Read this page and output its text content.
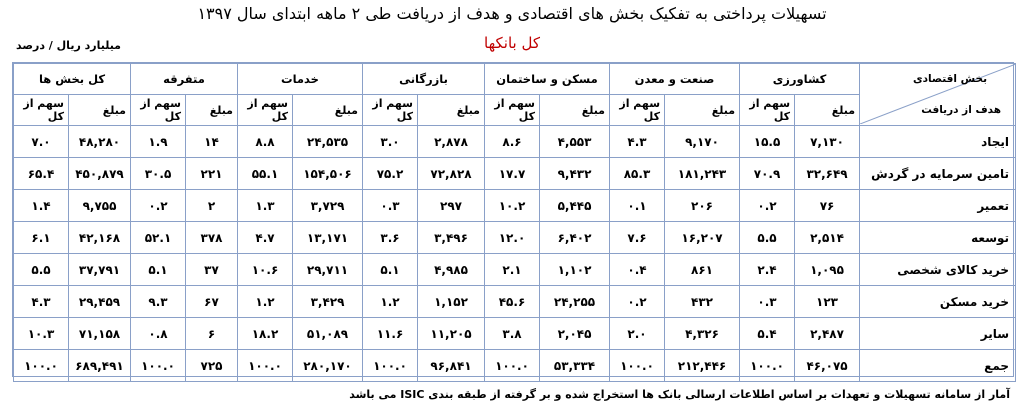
تسهیلات پرداختی به تفکیک بخش های اقتصادی و هدف از دریافت طی ۲ ماهه ابتدای سال ۱۳۹۷
کل بانکها
میلیارد ریال / درصد
بخش اقتصادی
هدف از دریافت	کشاورزی		صنعت و معدن		مسکن و ساختمان		بازرگانی		خدمات		متفرقه		کل بخش ها	
	مبلغ	سهم از کل	مبلغ	سهم از کل	مبلغ	سهم از کل	مبلغ	سهم از کل	مبلغ	سهم از کل	مبلغ	سهم از کل	مبلغ	سهم از کل
ایجاد	۷,۱۳۰	۱۵.۵	۹,۱۷۰	۴.۳	۴,۵۵۳	۸.۶	۲,۸۷۸	۳.۰	۲۴,۵۳۵	۸.۸	۱۴	۱.۹	۴۸,۲۸۰	۷.۰
تامین سرمایه در گردش	۳۲,۶۴۹	۷۰.۹	۱۸۱,۲۴۳	۸۵.۳	۹,۴۳۲	۱۷.۷	۷۲,۸۲۸	۷۵.۲	۱۵۴,۵۰۶	۵۵.۱	۲۲۱	۳۰.۵	۴۵۰,۸۷۹	۶۵.۴
تعمیر	۷۶	۰.۲	۲۰۶	۰.۱	۵,۴۴۵	۱۰.۲	۲۹۷	۰.۳	۳,۷۲۹	۱.۳	۲	۰.۲	۹,۷۵۵	۱.۴
توسعه	۲,۵۱۴	۵.۵	۱۶,۲۰۷	۷.۶	۶,۴۰۲	۱۲.۰	۳,۴۹۶	۳.۶	۱۳,۱۷۱	۴.۷	۳۷۸	۵۲.۱	۴۲,۱۶۸	۶.۱
خرید کالای شخصی	۱,۰۹۵	۲.۴	۸۶۱	۰.۴	۱,۱۰۲	۲.۱	۴,۹۸۵	۵.۱	۲۹,۷۱۱	۱۰.۶	۳۷	۵.۱	۳۷,۷۹۱	۵.۵
خرید مسکن	۱۲۳	۰.۳	۴۳۲	۰.۲	۲۴,۲۵۵	۴۵.۶	۱,۱۵۲	۱.۲	۳,۴۲۹	۱.۲	۶۷	۹.۳	۲۹,۴۵۹	۴.۳
سایر	۲,۴۸۷	۵.۴	۴,۳۲۶	۲.۰	۲,۰۴۵	۳.۸	۱۱,۲۰۵	۱۱.۶	۵۱,۰۸۹	۱۸.۲	۶	۰.۸	۷۱,۱۵۸	۱۰.۳
جمع	۴۶,۰۷۵	۱۰۰.۰	۲۱۲,۴۴۶	۱۰۰.۰	۵۳,۳۳۴	۱۰۰.۰	۹۶,۸۴۱	۱۰۰.۰	۲۸۰,۱۷۰	۱۰۰.۰	۷۲۵	۱۰۰.۰	۶۸۹,۴۹۱	۱۰۰.۰
آمار از سامانه تسهیلات و تعهدات بر اساس اطلاعات ارسالی بانک ها استخراج شده و بر گرفته از طبقه بندی ISIC می باشد
